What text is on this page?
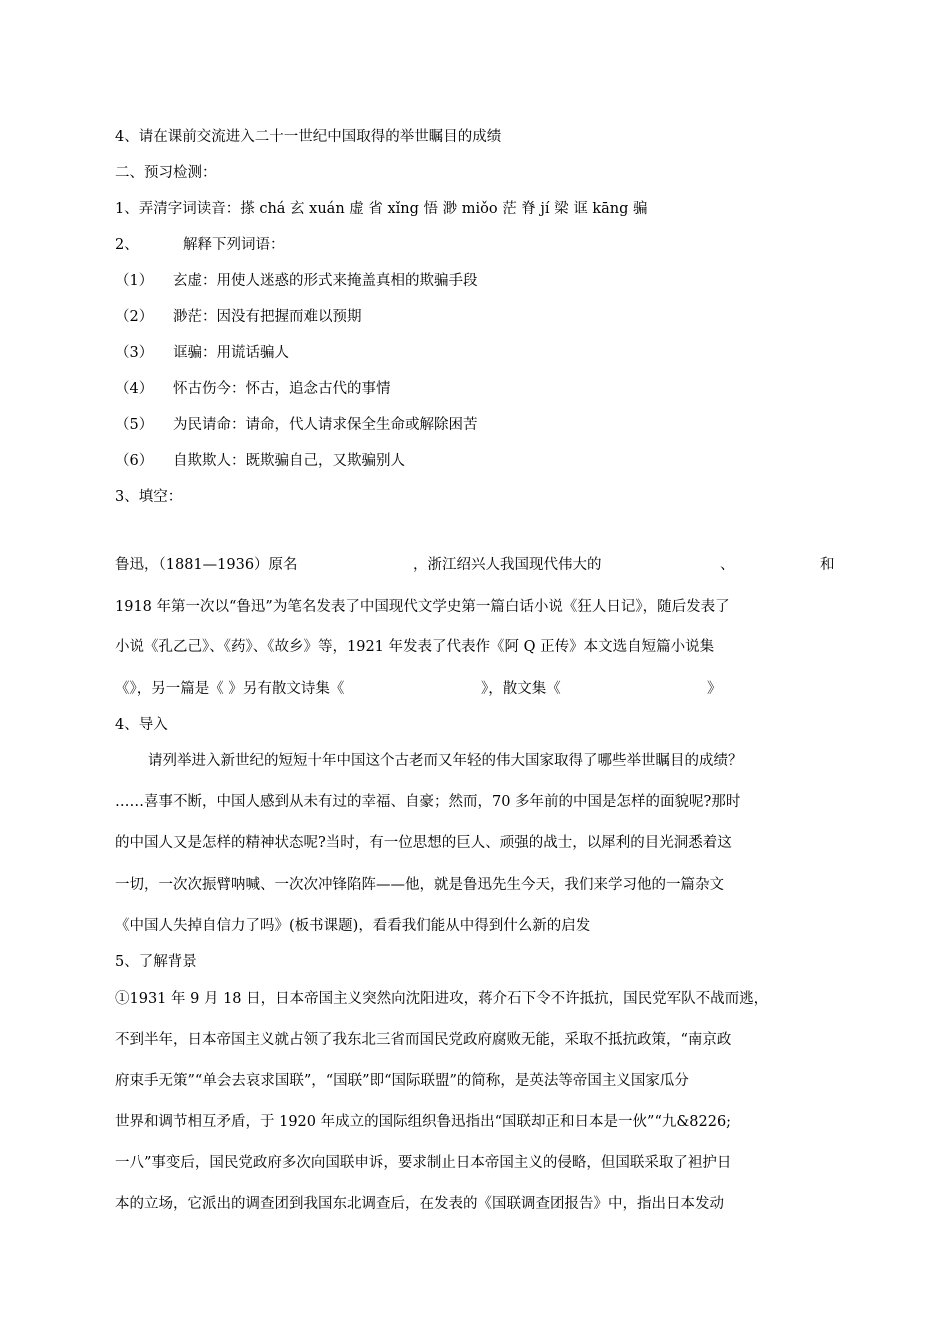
4、请在课前交流进入二十一世纪中国取得的举世瞩目的成绩
二、预习检测：
1、弄清字词读音：搽 chá 玄 xuán 虚 省 xǐng 悟 渺 miǒo 茫 脊 jí 梁 诓 kāng 骗
2、	解释下列词语：
（1） 玄虚：用使人迷惑的形式来掩盖真相的欺骗手段
（2） 渺茫：因没有把握而难以预期
（3） 诓骗：用谎话骗人
（4） 怀古伤今：怀古，追念古代的事情
（5） 为民请命：请命，代人请求保全生命或解除困苦
（6） 自欺欺人：既欺骗自己，又欺骗别人
3、填空：
鲁迅，（1881—1936）原名	，浙江绍兴人我国现代伟大的	、	和
1918 年第一次以“鲁迅”为笔名发表了中国现代文学史第一篇白话小说《狂人日记》，随后发表了
小说《孔乙己》、《药》、《故乡》等，1921 年发表了代表作《阿 Q 正传》本文选自短篇小说集
《》，另一篇是《 》另有散文诗集《	》，散文集《	》
4、导入
请列举进入新世纪的短短十年中国这个古老而又年轻的伟大国家取得了哪些举世瞩目的成绩？
……喜事不断，中国人感到从未有过的幸福、自豪；然而，70 多年前的中国是怎样的面貌呢?那时
的中国人又是怎样的精神状态呢?当时，有一位思想的巨人、顽强的战士，以犀利的目光洞悉着这
一切，一次次振臂呐喊、一次次冲锋陷阵——他，就是鲁迅先生今天，我们来学习他的一篇杂文
《中国人失掉自信力了吗》(板书课题)，看看我们能从中得到什么新的启发
5、了解背景
①1931 年 9 月 18 日，日本帝国主义突然向沈阳进攻，蒋介石下令不许抵抗，国民党军队不战而逃，
不到半年，日本帝国主义就占领了我东北三省而国民党政府腐败无能，采取不抵抗政策，“南京政
府束手无策”“单会去哀求国联”，“国联”即“国际联盟”的简称，是英法等帝国主义国家瓜分
世界和调节相互矛盾，于 1920 年成立的国际组织鲁迅指出“国联却正和日本是一伙”“九&8226;
一八”事变后，国民党政府多次向国联申诉，要求制止日本帝国主义的侵略，但国联采取了袒护日
本的立场，它派出的调查团到我国东北调查后，在发表的《国联调查团报告》中，指出日本发动
